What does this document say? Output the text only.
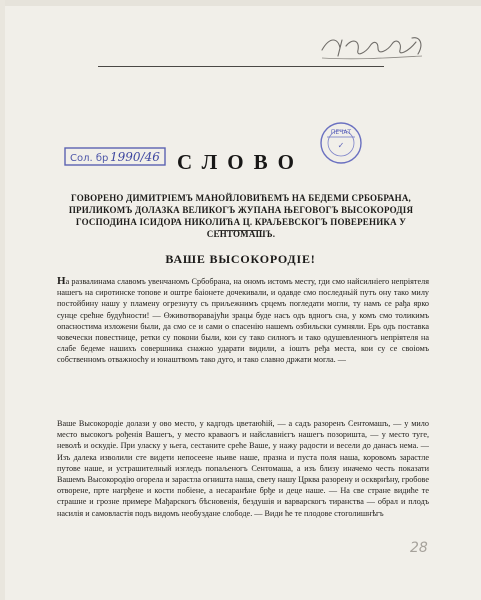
Сол. бр 1990/46
ПЕЧАТ
✓
СЛОВО
ГОВОРЕНО ДИМИТРІЕМЪ МАНОЙЛОВИЋЕМЪ НА БЕДЕМИ СРБОБРАНА, ПРИЛИКОМЪ ДОЛАЗКА ВЕЛИКОГЪ ЖУПАНА ЊЕГОВОГЪ ВЫСОКОРОДІЯ ГОСПОДИНА ІСИДОРА НИКОЛИЋА Ц. КРАЉЕВСКОГЪ ПОВЕРЕНИКА У СЕНТОМАШЪ.
ВАШЕ ВЫСОКОРОДІЕ!
На развалинама славомъ увенчаномъ Србобрана, на ономъ истомъ месту, гди смо найсилніего непріятеля нашегъ на сиротинске топове и оштре баіонете дочекивали, и одавде смо последньій путъ ону тако милу постойбину нашу у пламену огрезнуту съ приљежнимъ срцемъ погледати могли, ту намъ се рађа ярко сунце срећне будућности! — Өживотворавајући зрацы буде насъ одъ вдногъ сна, у комъ смо толикимъ опасностима изложени были, да смо се и сами о спасенію нашемъ озбильски сумняли. Ерь одъ поставка човечески повестнице, ретки су покони были, кои су тако силногъ и тако одушевленногъ непріятеля на слабе бедеме нашихъ совершника снажно ударати видили, а іоштъ ређа места, кои су се своіомъ собственномъ отважносћу и юнаштвомъ тако дуго, и тако славно држати могла. —
Ваше Высокородіе долази у ово место, у кадгодъ цветаюћій, — а садъ разоренъ Сентомашъ, — у мило место высокогъ рођенія Вашегъ, у место краваогъ и найславнієгъ нашегъ позоришта, — у место туге, неволѣ и оскудіе. При уласку у њега, сестаните среће Ваше, у нажу радости и весели до данасъ нема. — Изъ далека изволили сте видети непосеене ньиве наше, празна и пуста поля наша, коровомъ зарастле путове наше, и устрашителный изгледъ попаљеногъ Сентомаша, а изъ близу иначемо честь показати Вашемъ Высокородію огорела и зарастла огништа наша, свету нашу Црква разорену и оскврнѣну, гробове отворене, прте нагрђене и кости побіене, а несаранѣне брђе и деце наше. — На све стране видиће те страшне и грозне примере Мађарскогъ бѣсновенія, бездушія и варварскогъ тиранства — обрал и плодъ насилія и самовластія подъ видомъ необуздане слободе. — Види ће те плодове стоголишнѣгъ
28
